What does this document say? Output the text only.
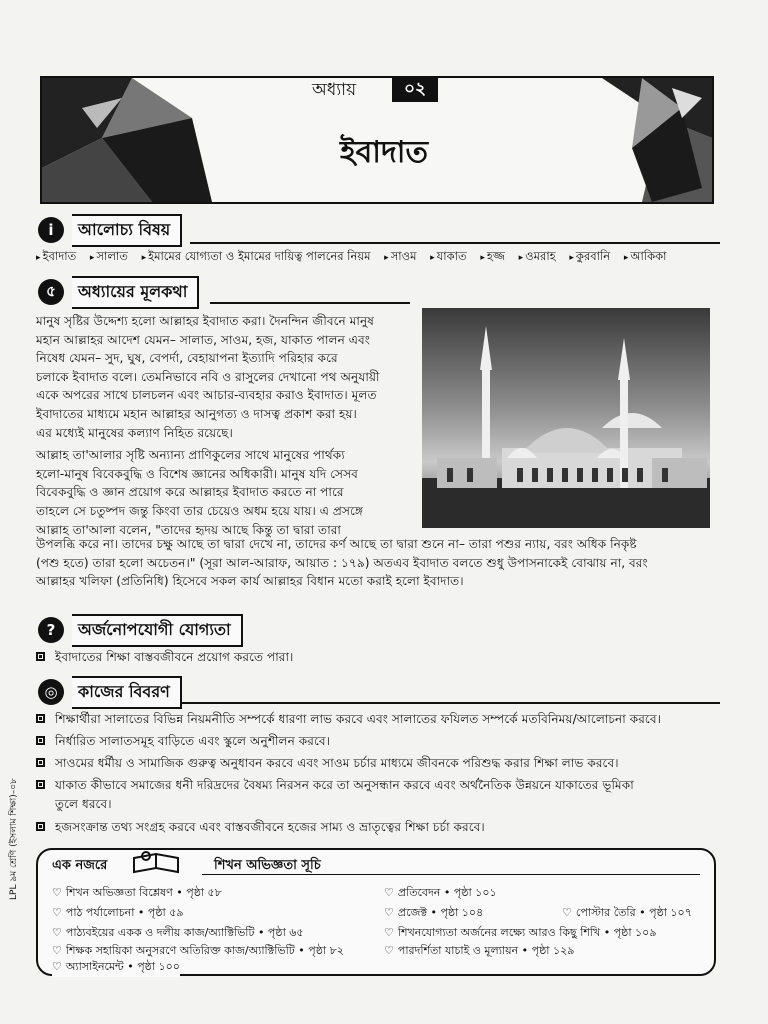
অধ্যায়	০২
ইবাদাত
i	আলোচ্য বিষয়
▸ ইবাদাত ▸ সালাত ▸ ইমামের যোগ্যতা ও ইমামের দায়িত্ব পালনের নিয়ম ▸ সাওম ▸ যাকাত ▸ হজ্জ ▸ ওমরাহ ▸ কুরবানি ▸ আকিকা
৫	অধ্যায়ের মূলকথা
মানুষ সৃষ্টির উদ্দেশ্য হলো আল্লাহর ইবাদাত করা। দৈনন্দিন জীবনে মানুষ
মহান আল্লাহর আদেশ যেমন– সালাত, সাওম, হজ, যাকাত পালন এবং
নিষেধ যেমন– সুদ, ঘুষ, বেপর্দা, বেহায়াপনা ইত্যাদি পরিহার করে
চলাকে ইবাদাত বলে। তেমনিভাবে নবি ও রাসুলের দেখানো পথ অনুযায়ী
একে অপরের সাথে চালচলন এবং আচার-ব্যবহার করাও ইবাদাত। মূলত
ইবাদাতের মাধ্যমে মহান আল্লাহর আনুগত্য ও দাসত্ব প্রকাশ করা হয়।
এর মধ্যেই মানুষের কল্যাণ নিহিত রয়েছে।
আল্লাহ তা'আলার সৃষ্টি অন্যান্য প্রাণিকুলের সাথে মানুষের পার্থক্য
হলো-মানুষ বিবেকবুদ্ধি ও বিশেষ জ্ঞানের অধিকারী। মানুষ যদি সেসব
বিবেকবুদ্ধি ও জ্ঞান প্রয়োগ করে আল্লাহর ইবাদাত করতে না পারে
তাহলে সে চতুষ্পদ জন্তু কিংবা তার চেয়েও অধম হয়ে যায়। এ প্রসঙ্গে
আল্লাহ তা'আলা বলেন, "তাদের হৃদয় আছে কিন্তু তা দ্বারা তারা
উপলব্ধি করে না। তাদের চক্ষু আছে তা দ্বারা দেখে না, তাদের কর্ণ আছে তা দ্বারা শুনে না– তারা পশুর ন্যায়, বরং অধিক নিকৃষ্ট
(পশু হতে) তারা হলো অচেতন।" (সূরা আল-আরাফ, আয়াত : ১৭৯) অতএব ইবাদাত বলতে শুধু উপাসনাকেই বোঝায় না, বরং
আল্লাহর খলিফা (প্রতিনিধি) হিসেবে সকল কার্য আল্লাহর বিধান মতো করাই হলো ইবাদাত।
?	অর্জনোপযোগী যোগ্যতা
ইবাদাতের শিক্ষা বাস্তবজীবনে প্রয়োগ করতে পারা।
◎	কাজের বিবরণ
শিক্ষার্থীরা সালাতের বিভিন্ন নিয়মনীতি সম্পর্কে ধারণা লাভ করবে এবং সালাতের ফযিলত সম্পর্কে মতবিনিময়/আলোচনা করবে।
নির্ধারিত সালাতসমূহ বাড়িতে এবং স্কুলে অনুশীলন করবে।
সাওমের ধর্মীয় ও সামাজিক গুরুত্ব অনুধাবন করবে এবং সাওম চর্চার মাধ্যমে জীবনকে পরিশুদ্ধ করার শিক্ষা লাভ করবে।
যাকাত কীভাবে সমাজের ধনী দরিদ্রদের বৈষম্য নিরসন করে তা অনুসন্ধান করবে এবং অর্থনৈতিক উন্নয়নে যাকাতের ভূমিকা
তুলে ধরবে।
হজসংক্রান্ত তথ্য সংগ্রহ করবে এবং বাস্তবজীবনে হজের সাম্য ও ভ্রাতৃত্বের শিক্ষা চর্চা করবে।
এক নজরে	শিখন অভিজ্ঞতা সূচি
♡ শিখন অভিজ্ঞতা বিশ্লেষণ • পৃষ্ঠা ৫৮
♡ পাঠ পর্যালোচনা • পৃষ্ঠা ৫৯
♡ পাঠ্যবইয়ের একক ও দলীয় কাজ/অ্যাক্টিভিটি • পৃষ্ঠা ৬৫
♡ শিক্ষক সহায়িকা অনুসরণে অতিরিক্ত কাজ/অ্যাক্টিভিটি • পৃষ্ঠা ৮২
♡ অ্যাসাইনমেন্ট • পৃষ্ঠা ১০০
♡ প্রতিবেদন • পৃষ্ঠা ১০১
♡ প্রজেক্ট • পৃষ্ঠা ১০৪	♡ পোস্টার তৈরি • পৃষ্ঠা ১০৭
♡ শিখনযোগ্যতা অর্জনের লক্ষ্যে আরও কিছু শিখি • পৃষ্ঠা ১০৯
♡ পারদর্শিতা যাচাই ও মূল্যায়ন • পৃষ্ঠা ১২৯
LPL ৯ম শ্রেণি (ইসলাম শিক্ষা)–০৮
